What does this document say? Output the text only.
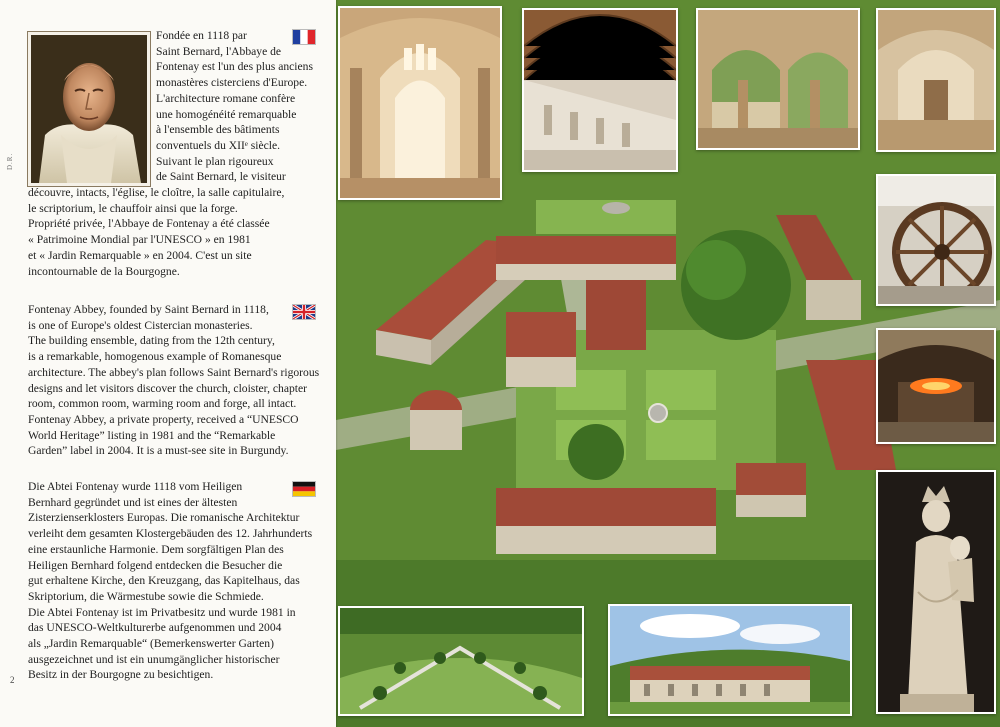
D.R.
Fondée en 1118 par
Saint Bernard, l'Abbaye de
Fontenay est l'un des plus anciens
monastères cisterciens d'Europe.
L'architecture romane confère
une homogénéité remarquable
à l'ensemble des bâtiments
conventuels du XIIᵉ siècle.
Suivant le plan rigoureux
de Saint Bernard, le visiteur
découvre, intacts, l'église, le cloître, la salle capitulaire,
le scriptorium, le chauffoir ainsi que la forge.
Propriété privée, l'Abbaye de Fontenay a été classée
« Patrimoine Mondial par l'UNESCO » en 1981
et « Jardin Remarquable » en 2004. C'est un site
incontournable de la Bourgogne.
Fontenay Abbey, founded by Saint Bernard in 1118,
is one of Europe's oldest Cistercian monasteries.
The building ensemble, dating from the 12th century,
is a remarkable, homogenous example of Romanesque
architecture. The abbey's plan follows Saint Bernard's rigorous
designs and let visitors discover the church, cloister, chapter
room, common room, warming room and forge, all intact.
Fontenay Abbey, a private property, received a “UNESCO
World Heritage” listing in 1981 and the “Remarkable
Garden” label in 2004. It is a must-see site in Burgundy.
Die Abtei Fontenay wurde 1118 vom Heiligen
Bernhard gegründet und ist eines der ältesten
Zisterzienserklosters Europas. Die romanische Architektur
verleiht dem gesamten Klostergebäuden des 12. Jahrhunderts
eine erstaunliche Harmonie. Dem sorgfältigen Plan des
Heiligen Bernhard folgend entdecken die Besucher die
gut erhaltene Kirche, den Kreuzgang, das Kapitelhaus, das
Skriptorium, die Wärmestube sowie die Schmiede.
Die Abtei Fontenay ist im Privatbesitz und wurde 1981 in
das UNESCO-Weltkulturerbe aufgenommen und 2004
als „Jardin Remarquable“ (Bemerkenswerter Garten)
ausgezeichnet und ist ein unumgänglicher historischer
Besitz in der Bourgogne zu besichtigen.
2
